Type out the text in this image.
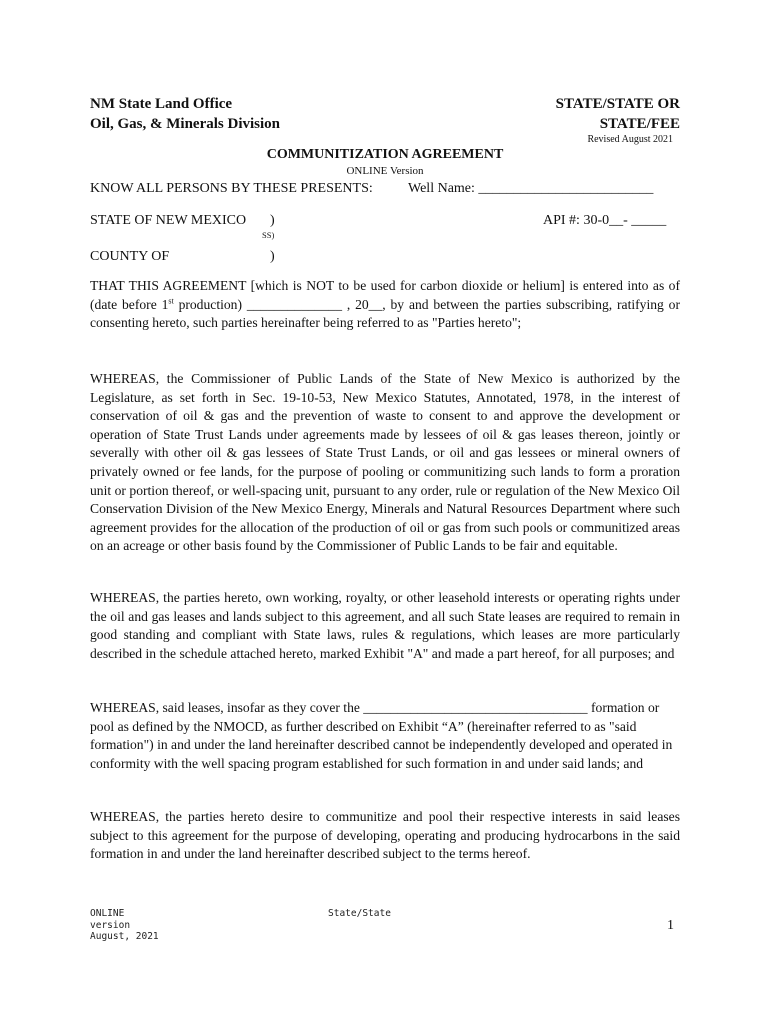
NM State Land Office
Oil, Gas, & Minerals Division
STATE/STATE OR
STATE/FEE
Revised August 2021
COMMUNITIZATION AGREEMENT
ONLINE Version
KNOW ALL PERSONS BY THESE PRESENTS:	Well Name: _________________________
STATE OF NEW MEXICO )
SS)
API #: 30-0__- _____
COUNTY OF	)
THAT THIS AGREEMENT [which is NOT to be used for carbon dioxide or helium] is entered into as of (date before 1st production) ______________ , 20__, by and between the parties subscribing, ratifying or consenting hereto, such parties hereinafter being referred to as "Parties hereto";
WHEREAS, the Commissioner of Public Lands of the State of New Mexico is authorized by the Legislature, as set forth in Sec. 19-10-53, New Mexico Statutes, Annotated, 1978, in the interest of conservation of oil & gas and the prevention of waste to consent to and approve the development or operation of State Trust Lands under agreements made by lessees of oil & gas leases thereon, jointly or severally with other oil & gas lessees of State Trust Lands, or oil and gas lessees or mineral owners of privately owned or fee lands, for the purpose of pooling or communitizing such lands to form a proration unit or portion thereof, or well-spacing unit, pursuant to any order, rule or regulation of the New Mexico Oil Conservation Division of the New Mexico Energy, Minerals and Natural Resources Department where such agreement provides for the allocation of the production of oil or gas from such pools or communitized areas on an acreage or other basis found by the Commissioner of Public Lands to be fair and equitable.
WHEREAS, the parties hereto, own working, royalty, or other leasehold interests or operating rights under the oil and gas leases and lands subject to this agreement, and all such State leases are required to remain in good standing and compliant with State laws, rules & regulations, which leases are more particularly described in the schedule attached hereto, marked Exhibit "A" and made a part hereof, for all purposes; and
WHEREAS, said leases, insofar as they cover the _________________________________ formation or pool as defined by the NMOCD, as further described on Exhibit “A” (hereinafter referred to as "said formation") in and under the land hereinafter described cannot be independently developed and operated in conformity with the well spacing program established for such formation in and under said lands; and
WHEREAS, the parties hereto desire to communitize and pool their respective interests in said leases subject to this agreement for the purpose of developing, operating and producing hydrocarbons in the said formation in and under the land hereinafter described subject to the terms hereof.
ONLINE
version
August, 2021
State/State
1
